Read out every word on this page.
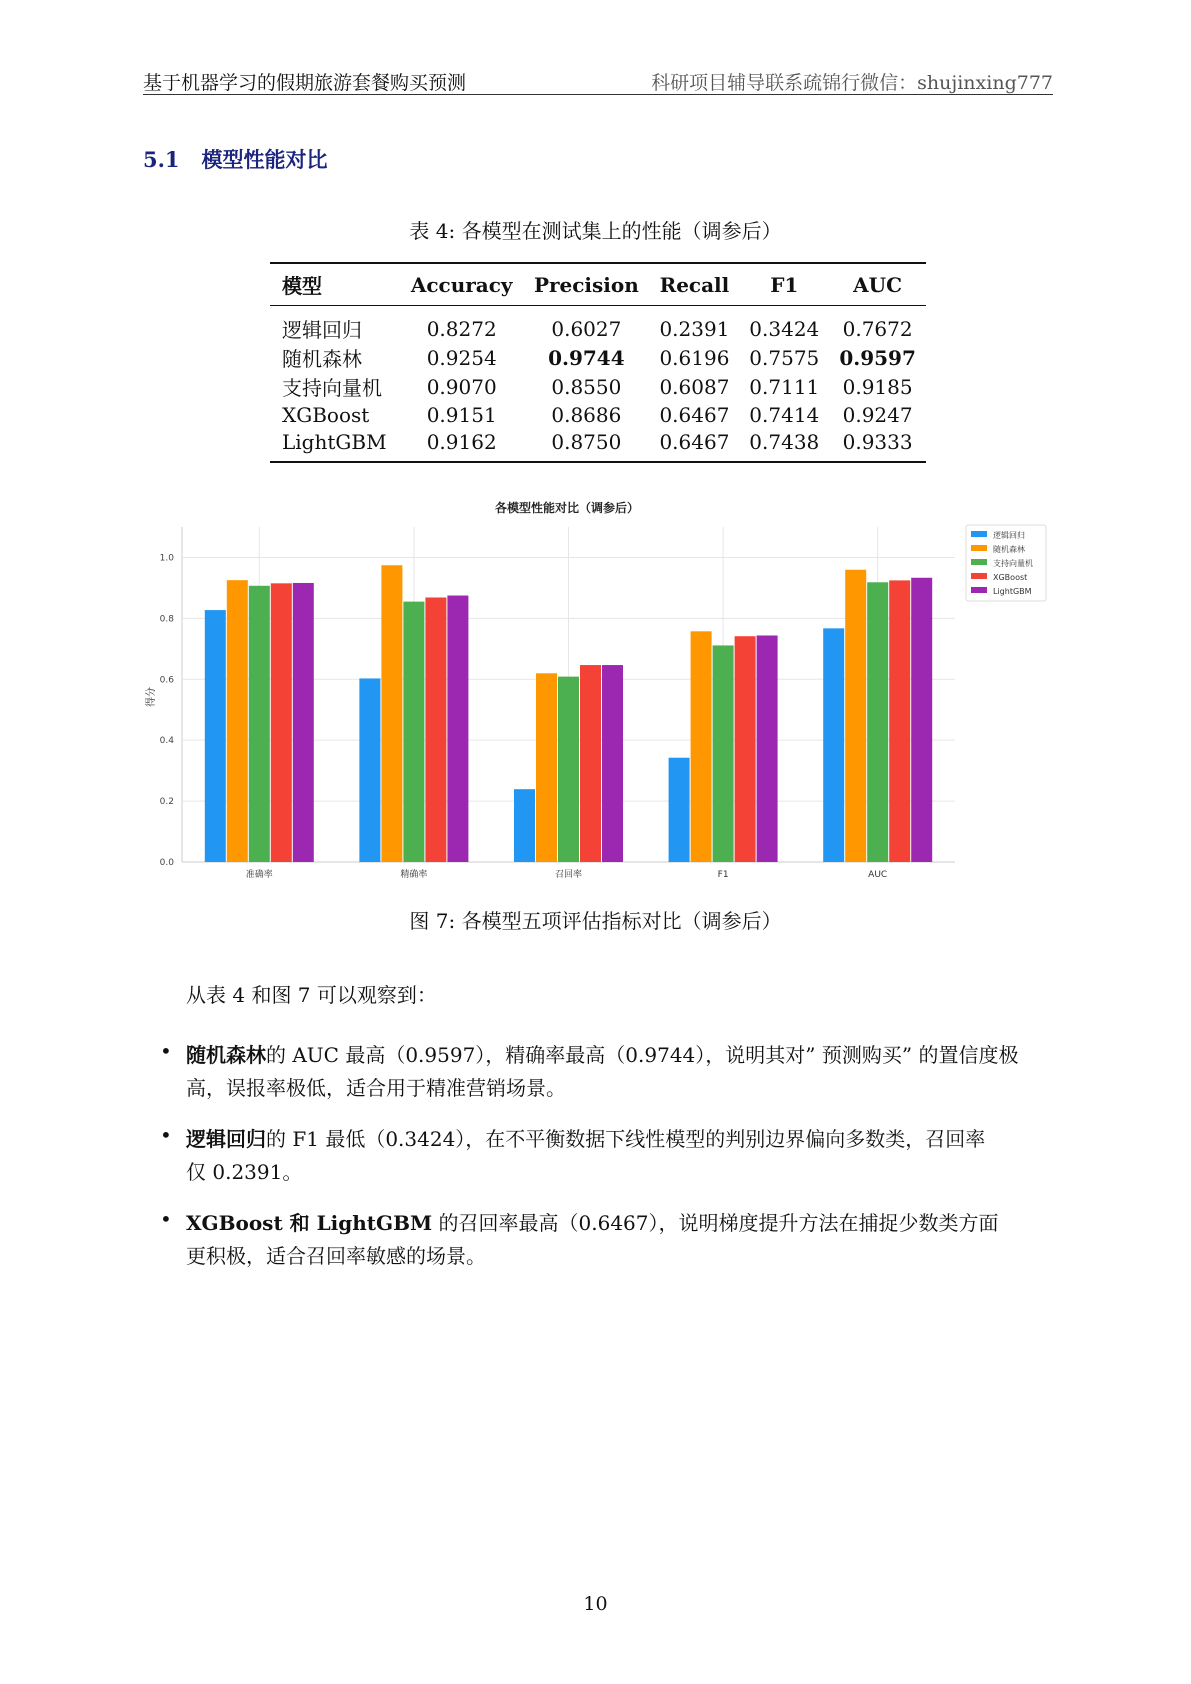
基于机器学习的假期旅游套餐购买预测	科研项目辅导联系疏锦行微信：shujinxing777
5.1 模型性能对比
表 4: 各模型在测试集上的性能（调参后）
模型	Accuracy	Precision	Recall	F1	AUC
逻辑回归	0.8272	0.6027	0.2391	0.3424	0.7672
随机森林	0.9254	0.9744	0.6196	0.7575	0.9597
支持向量机	0.9070	0.8550	0.6087	0.7111	0.9185
XGBoost	0.9151	0.8686	0.6467	0.7414	0.9247
LightGBM	0.9162	0.8750	0.6467	0.7438	0.9333
0.0
0.2
0.4
0.6
0.8
1.0
准确率	精确率	召回率	F1	AUC
逻辑回归
随机森林
支持向量机
XGBoost
LightGBM
各模型性能对比（调参后）
得分
图 7: 各模型五项评估指标对比（调参后）
从表 4 和图 7 可以观察到：
• 随机森林的 AUC 最高（0.9597），精确率最高（0.9744），说明其对” 预测购买” 的置信度极
高，误报率极低，适合用于精准营销场景。
• 逻辑回归的 F1 最低（0.3424），在不平衡数据下线性模型的判别边界偏向多数类，召回率
仅 0.2391。
• XGBoost 和 LightGBM 的召回率最高（0.6467），说明梯度提升方法在捕捉少数类方面
更积极，适合召回率敏感的场景。
10
